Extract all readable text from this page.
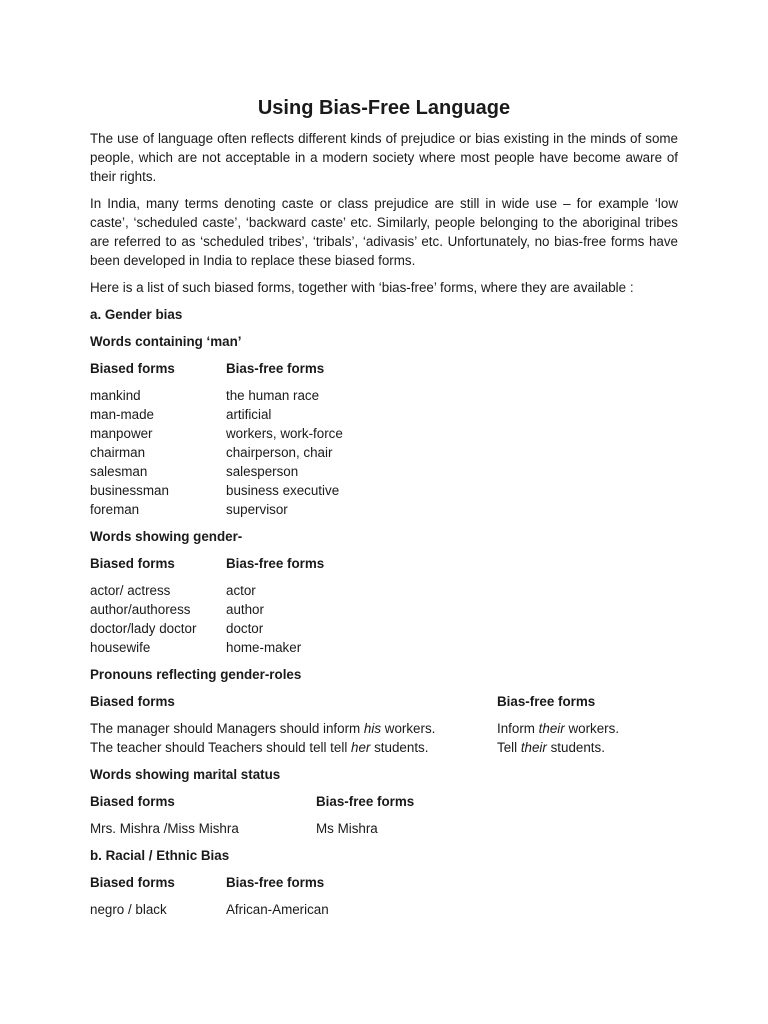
Using Bias-Free Language

The use of language often reflects different kinds of prejudice or bias existing in the minds of some people, which are not acceptable in a modern society where most people have become aware of their rights.

In India, many terms denoting caste or class prejudice are still in wide use – for example ‘low caste’, ‘scheduled caste’, ‘backward caste’ etc. Similarly, people belonging to the aboriginal tribes are referred to as ‘scheduled tribes’, ‘tribals’, ‘adivasis’ etc. Unfortunately, no bias-free forms have been developed in India to replace these biased forms.

Here is a list of such biased forms, together with ‘bias-free’ forms, where they are available :

a. Gender bias
Words containing ‘man’
Biased forms	Bias-free forms
mankind	the human race
man-made	artificial
manpower	workers, work-force
chairman	chairperson, chair
salesman	salesperson
businessman	business executive
foreman	supervisor
Words showing gender-
Biased forms	Bias-free forms
actor/ actress	actor
author/authoress	author
doctor/lady doctor	doctor
housewife	home-maker
Pronouns reflecting gender-roles
Biased forms	Bias-free forms
The manager should Managers should inform his workers.	Inform their workers.
The teacher should Teachers should tell tell her students.	Tell their students.
Words showing marital status
Biased forms	Bias-free forms
Mrs. Mishra /Miss Mishra	Ms Mishra
b. Racial / Ethnic Bias
Biased forms	Bias-free forms
negro / black	African-American
